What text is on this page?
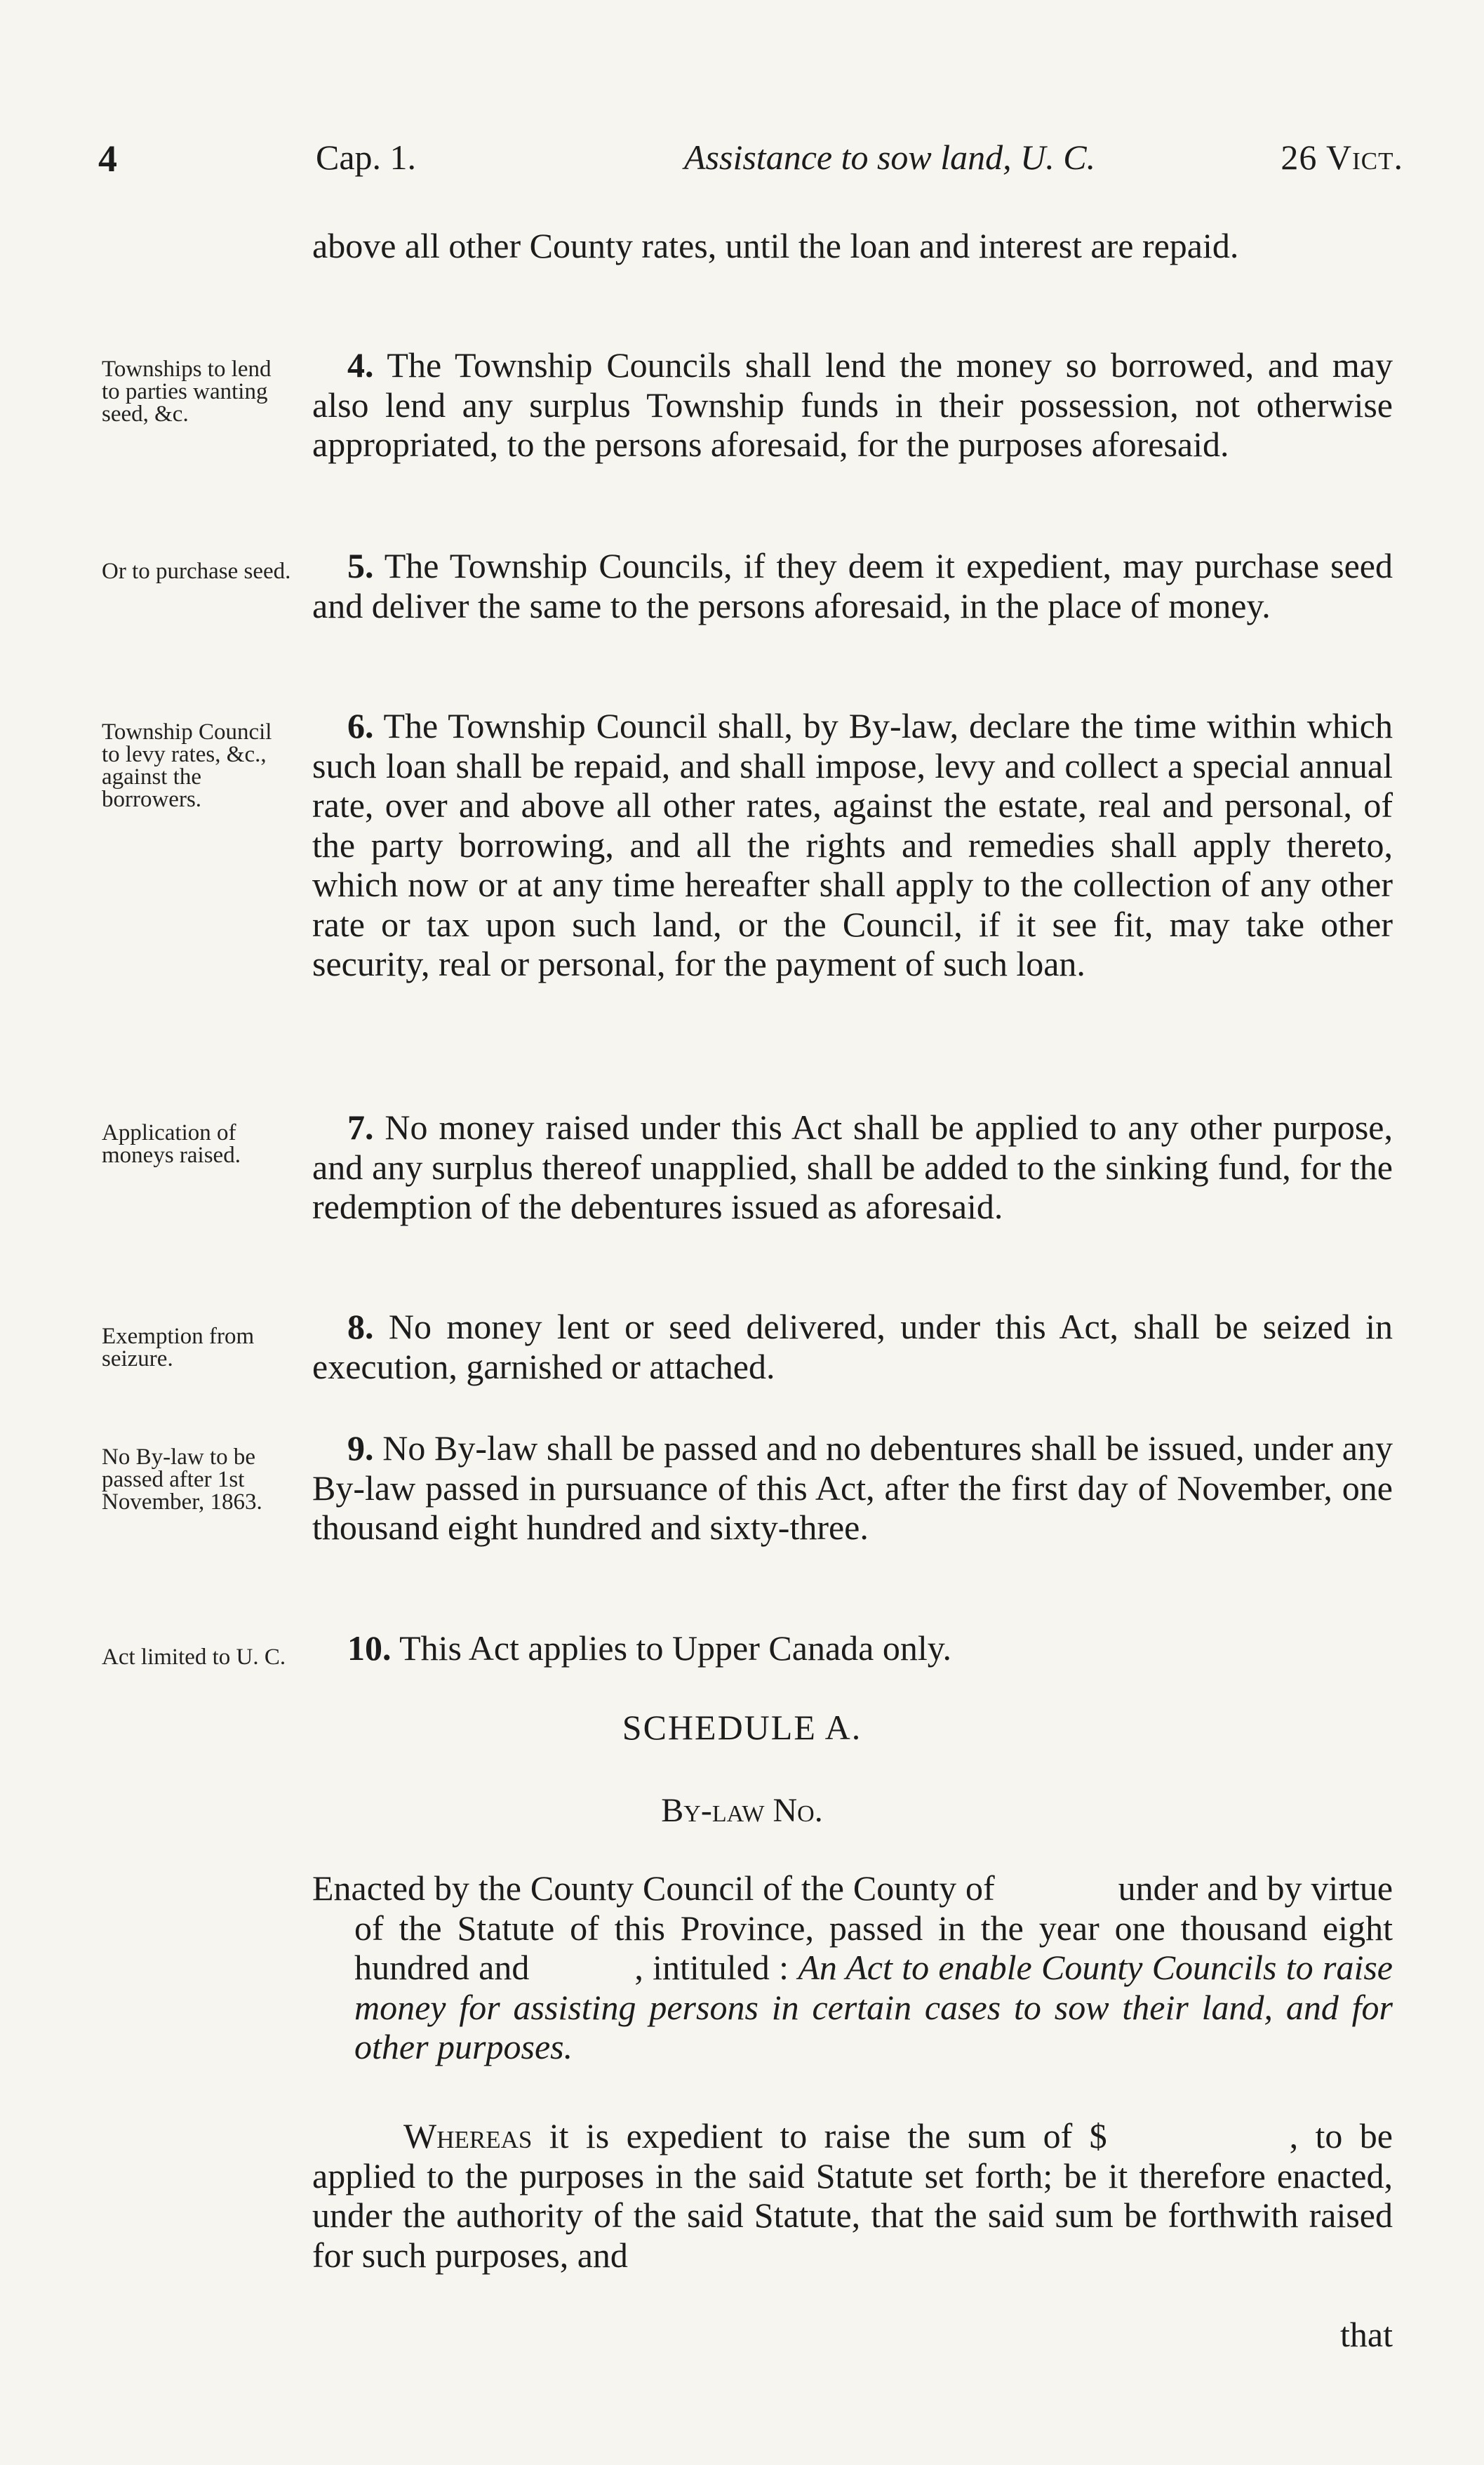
4	Cap. 1.	Assistance to sow land, U. C.	26 Vict.

above all other County rates, until the loan and interest are repaid.

Townships to lend to parties wanting seed, &c.

4. The Township Councils shall lend the money so borrowed, and may also lend any surplus Township funds in their possession, not otherwise appropriated, to the persons aforesaid, for the purposes aforesaid.

Or to purchase seed.	5. The Township Councils, if they deem it expedient, may purchase seed and deliver the same to the persons aforesaid, in the place of money.

Township Council to levy rates, &c., against the borrowers.

6. The Township Council shall, by By-law, declare the time within which such loan shall be repaid, and shall impose, levy and collect a special annual rate, over and above all other rates, against the estate, real and personal, of the party borrowing, and all the rights and remedies shall apply thereto, which now or at any time hereafter shall apply to the collection of any other rate or tax upon such land, or the Council, if it see fit, may take other security, real or personal, for the payment of such loan.

Application of moneys raised.

7. No money raised under this Act shall be applied to any other purpose, and any surplus thereof unapplied, shall be added to the sinking fund, for the redemption of the debentures issued as aforesaid.

Exemption from seizure.

8. No money lent or seed delivered, under this Act, shall be seized in execution, garnished or attached.

No By-law to be passed after 1st November, 1863.

9. No By-law shall be passed and no debentures shall be issued, under any By-law passed in pursuance of this Act, after the first day of November, one thousand eight hundred and sixty-three.

Act limited to U. C.	10. This Act applies to Upper Canada only.

SCHEDULE A.
By-law No.
Enacted by the County Council of the County of	under and by virtue of the Statute of this Province, passed in the year one thousand eight hundred and	, intituled : An Act to enable County Councils to raise money for assisting persons in certain cases to sow their land, and for other purposes.
Whereas it is expedient to raise the sum of $	, to be applied to the purposes in the said Statute set forth; be it therefore enacted, under the authority of the said Statute, that the said sum be forthwith raised for such purposes, and
that
